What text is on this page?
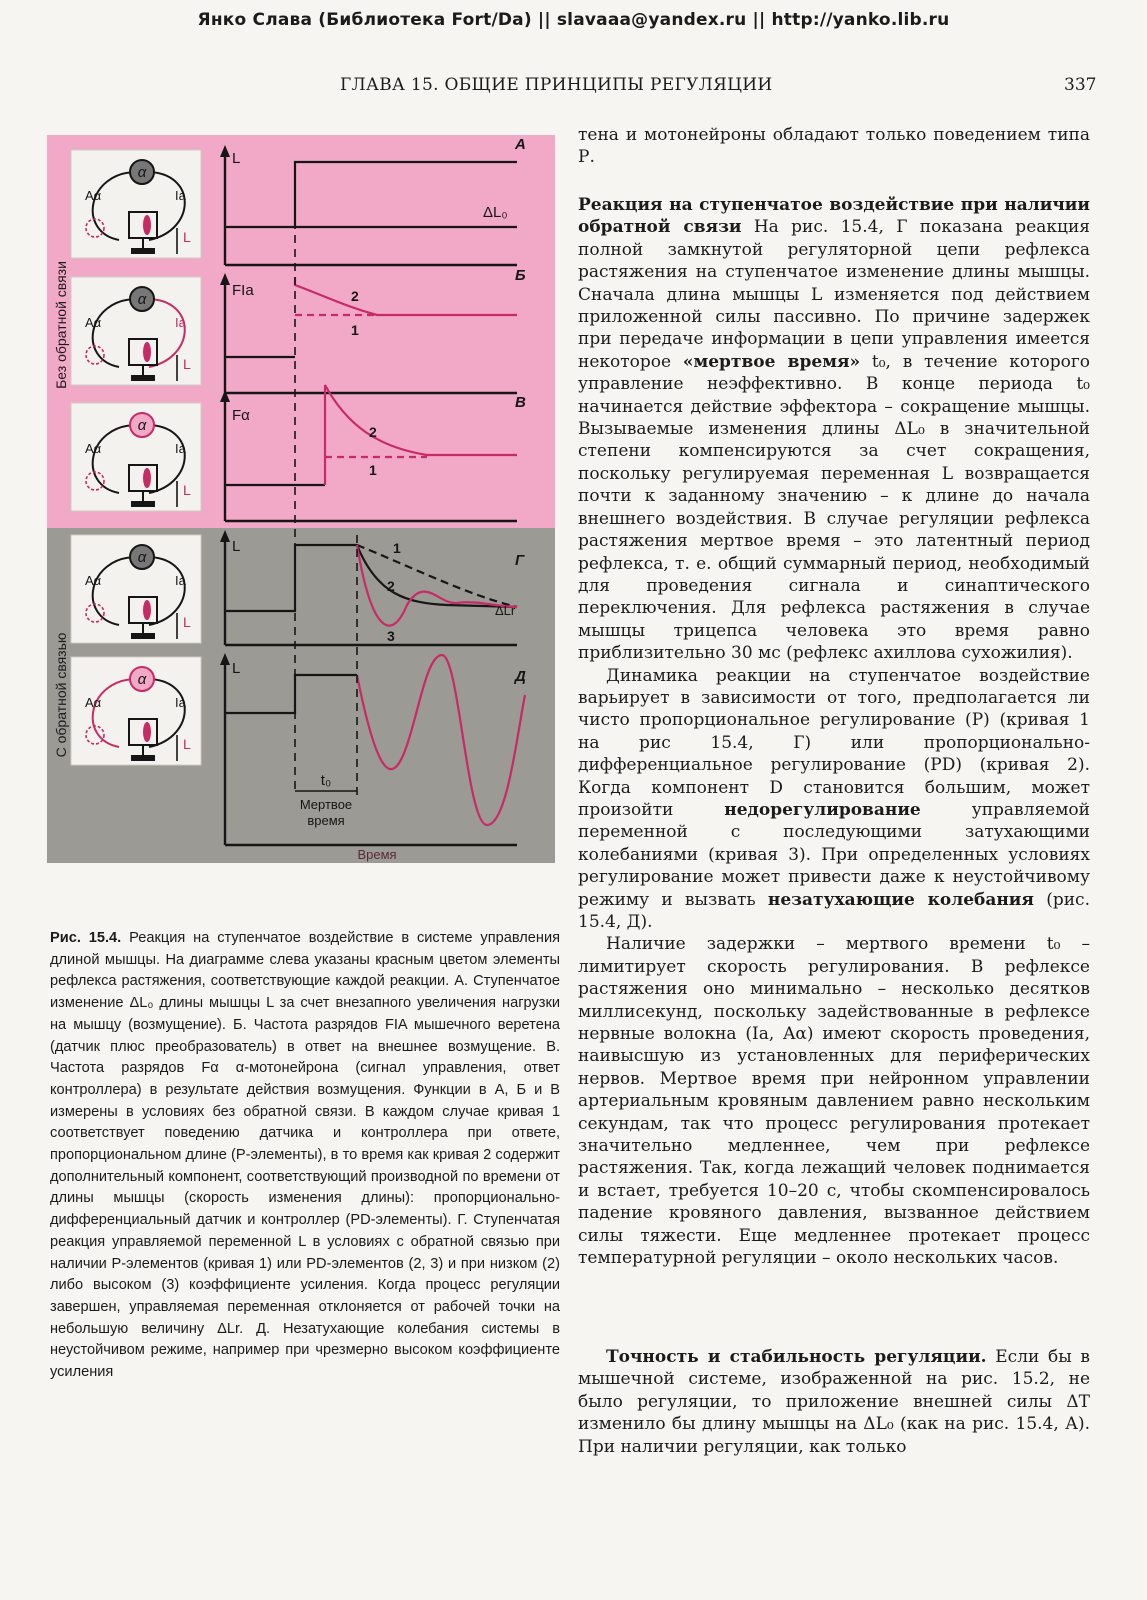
Янко Слава (Библиотека Fort/Da) || slavaaa@yandex.ru || http://yanko.lib.ru
ГЛАВА 15. ОБЩИЕ ПРИНЦИПЫ РЕГУЛЯЦИИ	337
Без обратной связи
С обратной связью
α
Aα	Ia
L
α
Aα	Ia
L
α
Aα	Ia
L
α
Aα	Ia
L
α
Aα	Ia
L
А
Б
В
Г
Д
L
FIa
Fα
L
L
ΔL₀
ΔLr
2
1
2
1
1
2
3
t₀
Мертвое
время
Время
Рис. 15.4. Реакция на ступенчатое воздействие в системе управления длиной мышцы. На диаграмме слева указаны красным цветом элементы рефлекса растяжения, соответствующие каждой реакции. А. Ступенчатое изменение ΔL₀ длины мышцы L за счет внезапного увеличения нагрузки на мышцу (возмущение). Б. Частота разрядов FIA мышечного веретена (датчик плюс преобразователь) в ответ на внешнее возмущение. В. Частота разрядов Fα α-мотонейрона (сигнал управления, ответ контроллера) в результате действия возмущения. Функции в А, Б и В измерены в условиях без обратной связи. В каждом случае кривая 1 соответствует поведению датчика и контроллера при ответе, пропорциональном длине (Р-элементы), в то время как кривая 2 содержит дополнительный компонент, соответствующий производной по времени от длины мышцы (скорость изменения длины): пропорционально-дифференциальный датчик и контроллер (PD-элементы). Г. Ступенчатая реакция управляемой переменной L в условиях с обратной связью при наличии Р-элементов (кривая 1) или PD-элементов (2, 3) и при низком (2) либо высоком (3) коэффициенте усиления. Когда процесс регуляции завершен, управляемая переменная отклоняется от рабочей точки на небольшую величину ΔLr. Д. Незатухающие колебания системы в неустойчивом режиме, например при чрезмерно высоком коэффициенте усиления

тена и мотонейроны обладают только поведением типа Р.

Реакция на ступенчатое воздействие при наличии обратной связи На рис. 15.4, Г показана реакция полной замкнутой регуляторной цепи рефлекса растяжения на ступенчатое изменение длины мышцы. Сначала длина мышцы L изменяется под действием приложенной силы пассивно. По причине задержек при передаче информации в цепи управления имеется некоторое «мертвое время» t₀, в течение которого управление неэффективно. В конце периода t₀ начинается действие эффектора – сокращение мышцы. Вызываемые изменения длины ΔL₀ в значительной степени компенсируются за счет сокращения, поскольку регулируемая переменная L возвращается почти к заданному значению – к длине до начала внешнего воздействия. В случае регуляции рефлекса растяжения мертвое время – это латентный период рефлекса, т. е. общий суммарный период, необходимый для проведения сигнала и синаптического переключения. Для рефлекса растяжения в случае мышцы трицепса человека это время равно приблизительно 30 мс (рефлекс ахиллова сухожилия).

Динамика реакции на ступенчатое воздействие варьирует в зависимости от того, предполагается ли чисто пропорциональное регулирование (Р) (кривая 1 на рис 15.4, Г) или пропорционально-дифференциальное регулирование (PD) (кривая 2). Когда компонент D становится большим, может произойти недорегулирование управляемой переменной с последующими затухающими колебаниями (кривая 3). При определенных условиях регулирование может привести даже к неустойчивому режиму и вызвать незатухающие колебания (рис. 15.4, Д).

Наличие задержки – мертвого времени t₀ – лимитирует скорость регулирования. В рефлексе растяжения оно минимально – несколько десятков миллисекунд, поскольку задействованные в рефлексе нервные волокна (Ia, Aα) имеют скорость проведения, наивысшую из установленных для периферических нервов. Мертвое время при нейронном управлении артериальным кровяным давлением равно нескольким секундам, так что процесс регулирования протекает значительно медленнее, чем при рефлексе растяжения. Так, когда лежащий человек поднимается и встает, требуется 10–20 с, чтобы скомпенсировалось падение кровяного давления, вызванное действием силы тяжести. Еще медленнее протекает процесс температурной регуляции – около нескольких часов.

Точность и стабильность регуляции. Если бы в мышечной системе, изображенной на рис. 15.2, не было регуляции, то приложение внешней силы ΔT изменило бы длину мышцы на ΔL₀ (как на рис. 15.4, А). При наличии регуляции, как только
